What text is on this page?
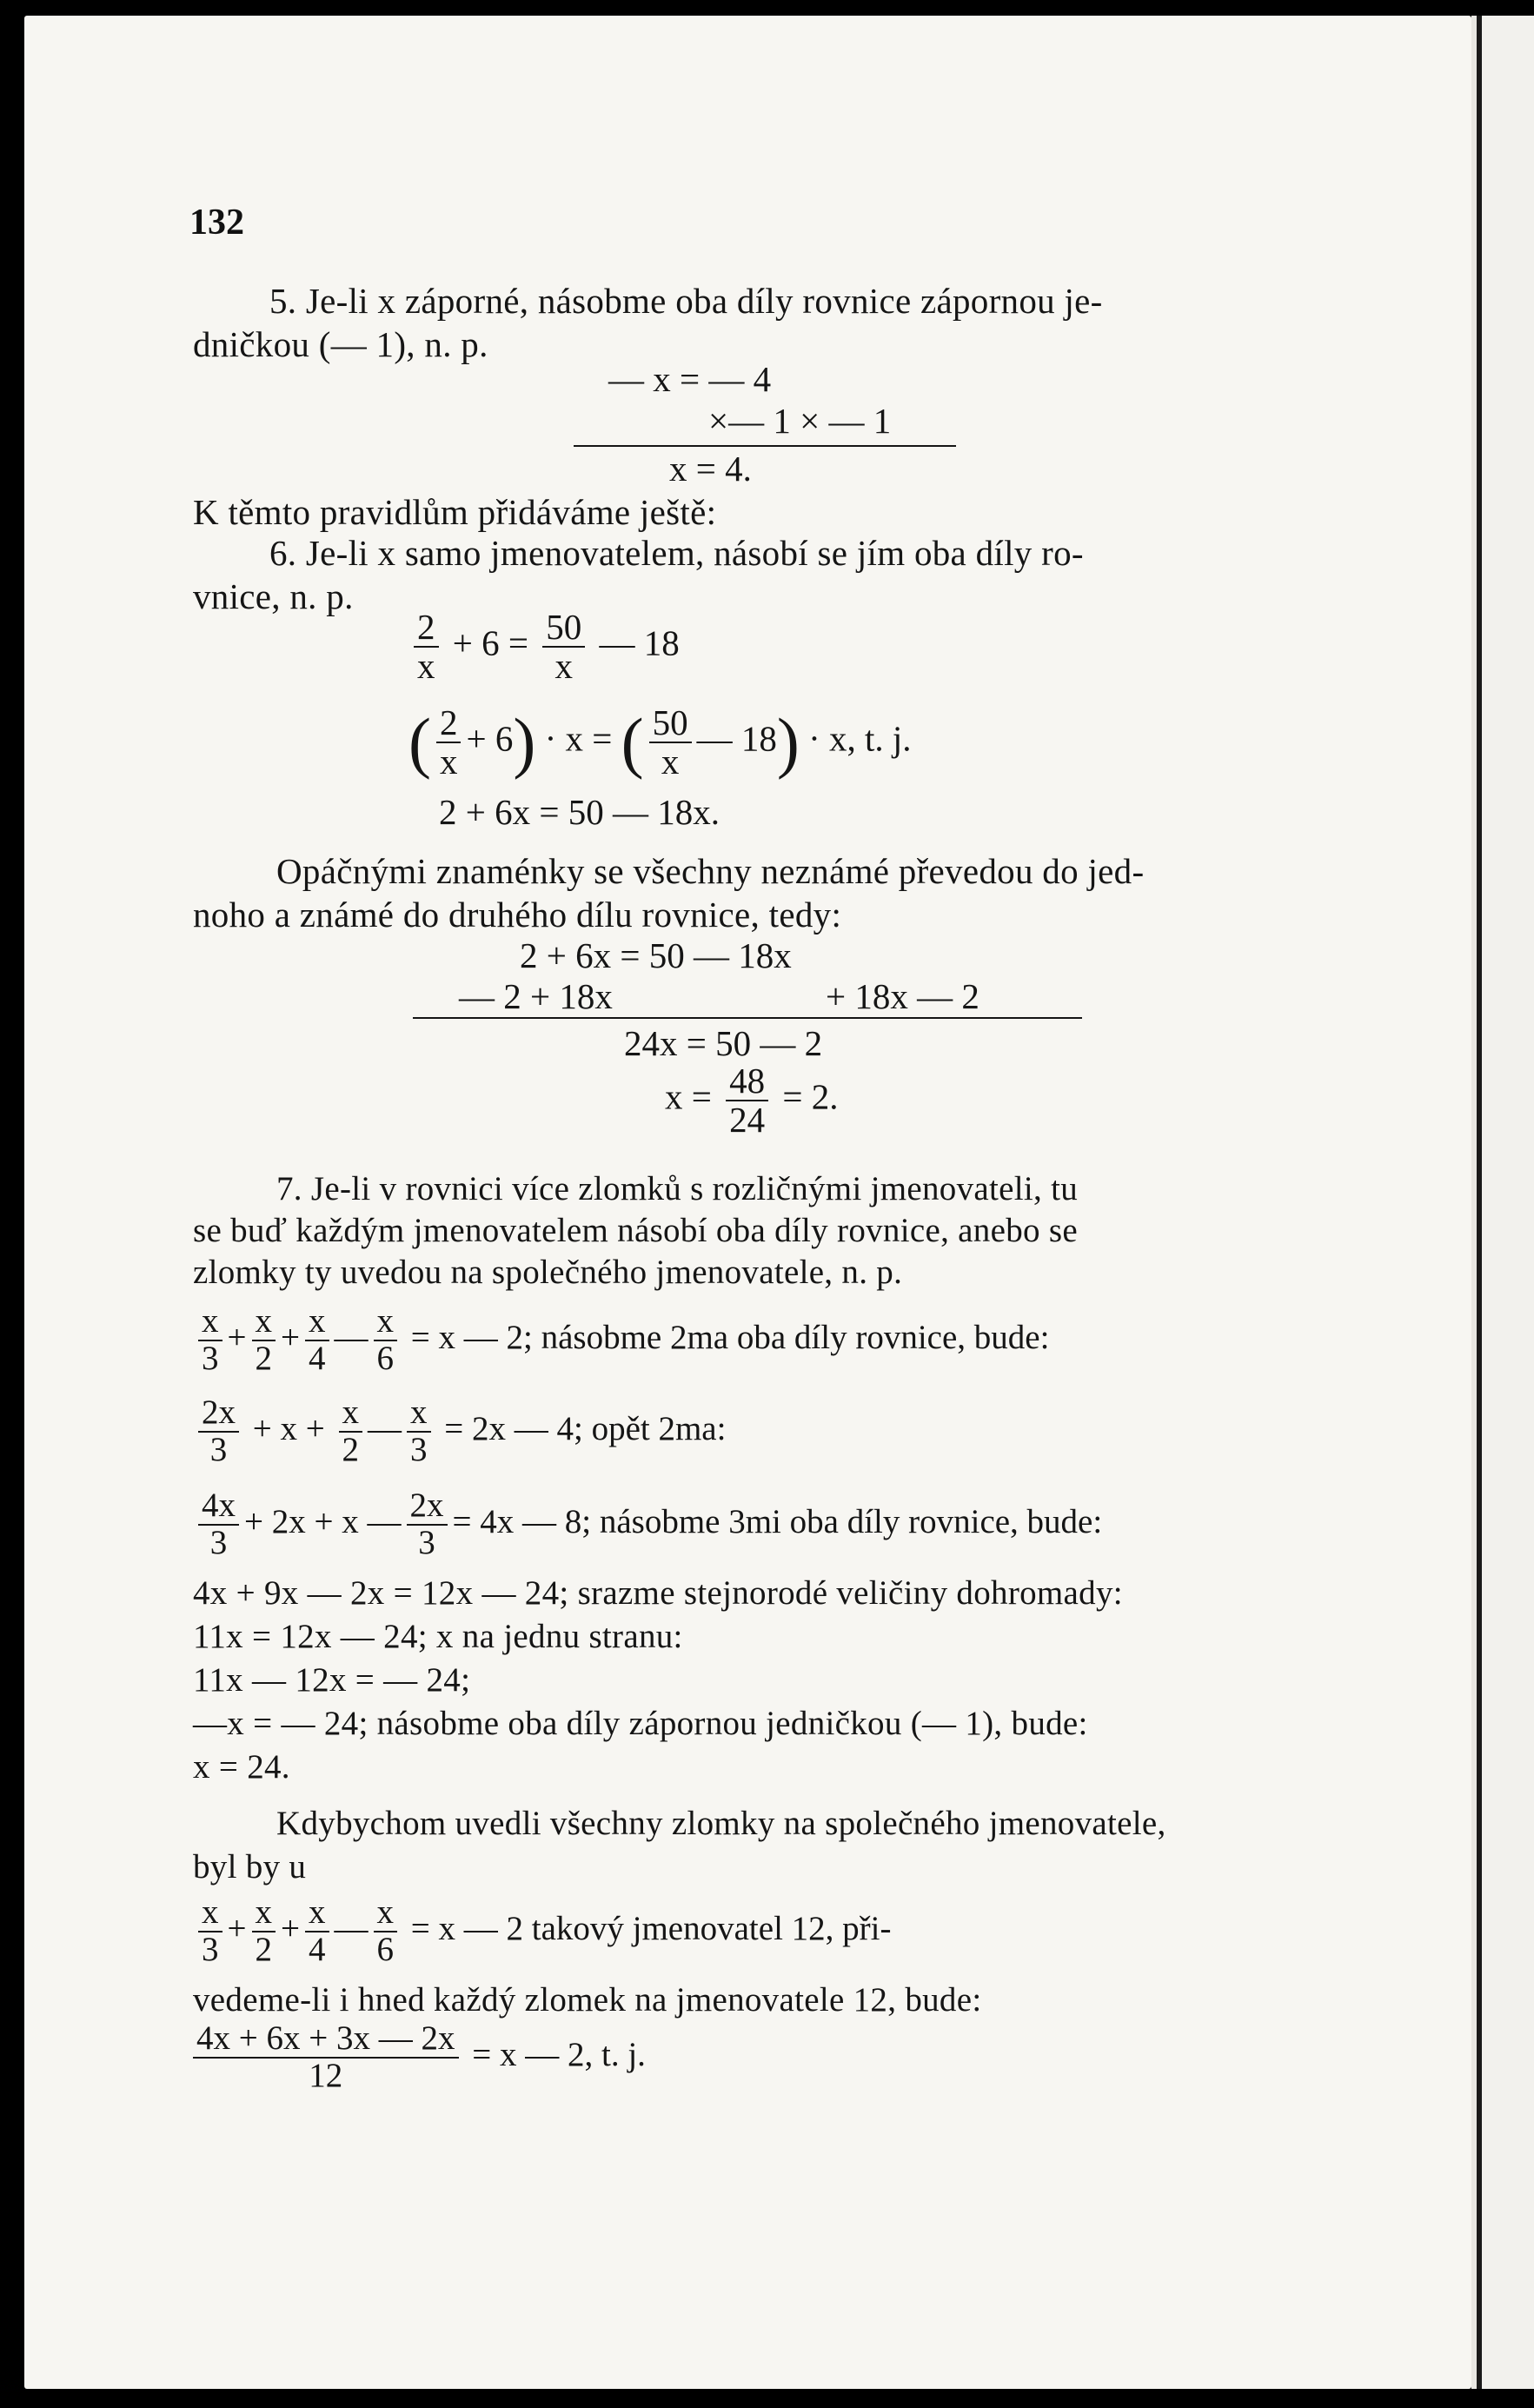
132
5. Je-li x záporné, násobme oba díly rovnice zápornou je-
dničkou (— 1), n. p.
— x = — 4
×— 1 × — 1
x = 4.
K těmto pravidlům přidáváme ještě:
6. Je-li x samo jmenovatelem, násobí se jím oba díly ro-
vnice, n. p.
$\frac{2}{x} + 6 = \frac{50}{x}$ — 18
( $\frac{2}{x} + 6) \cdot x$ = ( $\frac{50}{x}$ — 18) · x, t. j.
2 + 6x = 50 — 18x.
Opáčnými znaménky se všechny neznámé převedou do jed-
noho a známé do druhého dílu rovnice, tedy:
2 + 6x = 50 — 18x
— 2 + 18x	+ 18x — 2
24x = 50 — 2
$x = \frac{48}{24} = 2$.
7. Je-li v rovnici více zlomků s rozličnými jmenovateli, tu
se buď každým jmenovatelem násobí oba díly rovnice, anebo se
zlomky ty uvedou na společného jmenovatele, n. p.
$\frac{x}{3} + \frac{x}{2} + \frac{x}{4}$ — $\frac{x}{6} = x$ — 2; násobme 2ma oba díly rovnice, bude:
$\frac{2x}{3} + x + \frac{x}{2}$ — $\frac{x}{3} = 2x$ — 4; opět 2ma:
$\frac{4x}{3} + 2x + x$ — $\frac{2x}{3} = 4x$ — 8; násobme 3mi oba díly rovnice, bude:
4x + 9x — 2x = 12x — 24; srazme stejnorodé veličiny dohromady:
11x = 12x — 24; x na jednu stranu:
11x — 12x = — 24;
—x = — 24; násobme oba díly zápornou jedničkou (— 1), bude:
x = 24.
Kdybychom uvedli všechny zlomky na společného jmenovatele,
byl by u
$\frac{x}{3} + \frac{x}{2} + \frac{x}{4}$ — $\frac{x}{6} = x$ — 2 takový jmenovatel 12, při-
vedeme-li i hned každý zlomek na jmenovatele 12, bude:
$\frac{4x + 6x + 3x — 2x}{12} = x$ — 2, t. j.
